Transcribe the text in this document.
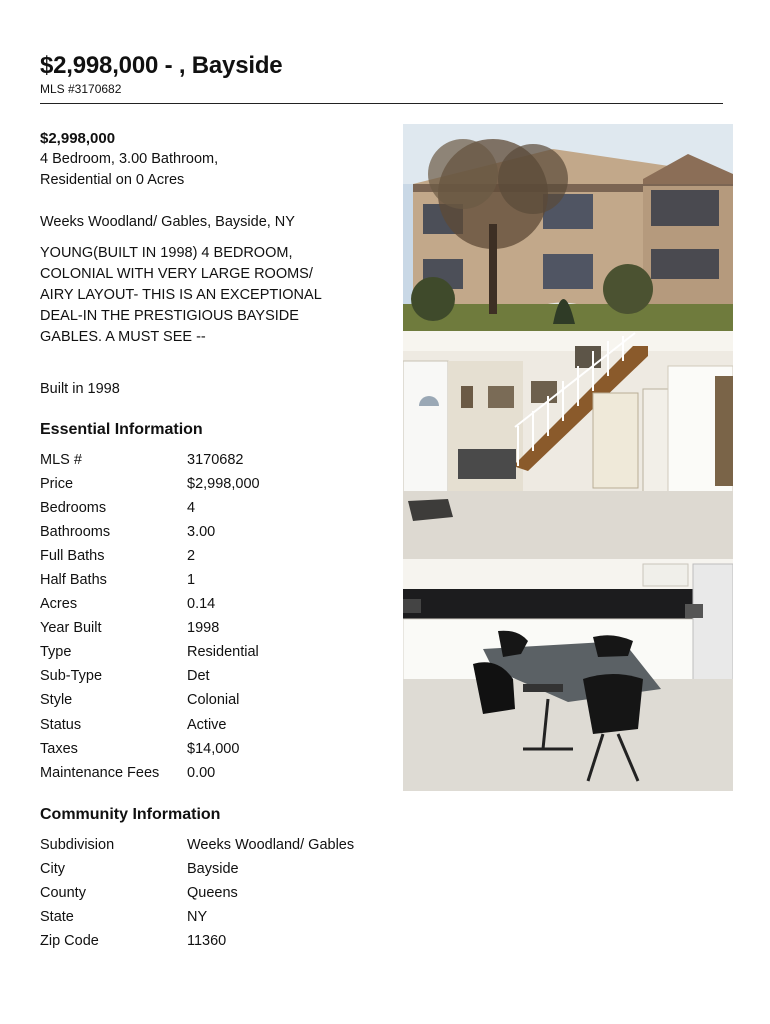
$2,998,000 - , Bayside
MLS #3170682
$2,998,000
4 Bedroom, 3.00 Bathroom,
Residential on 0 Acres
Weeks Woodland/ Gables, Bayside, NY
YOUNG(BUILT IN 1998) 4 BEDROOM,
COLONIAL WITH VERY LARGE ROOMS/
AIRY LAYOUT- THIS IS AN EXCEPTIONAL
DEAL-IN THE PRESTIGIOUS BAYSIDE
GABLES. A MUST SEE --
Built in 1998
Essential Information
MLS #	3170682
Price	$2,998,000
Bedrooms	4
Bathrooms	3.00
Full Baths	2
Half Baths	1
Acres	0.14
Year Built	1998
Type	Residential
Sub-Type	Det
Style	Colonial
Status	Active
Taxes	$14,000
Maintenance Fees	0.00
Community Information
Subdivision	Weeks Woodland/ Gables
City	Bayside
County	Queens
State	NY
Zip Code	11360
